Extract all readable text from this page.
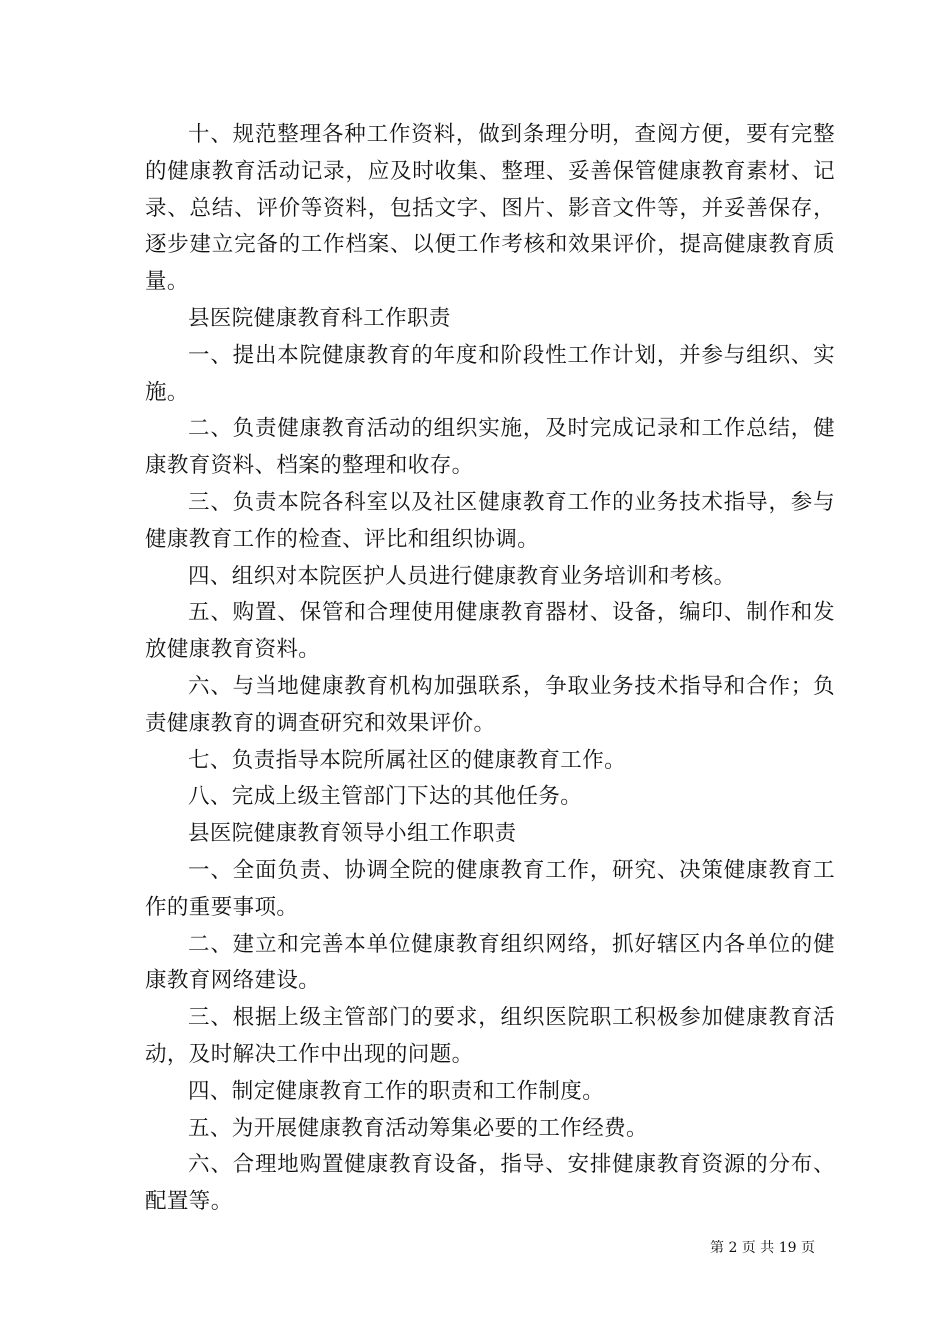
十、规范整理各种工作资料，做到条理分明，查阅方便，要有完整的健康教育活动记录，应及时收集、整理、妥善保管健康教育素材、记录、总结、评价等资料，包括文字、图片、影音文件等，并妥善保存，逐步建立完备的工作档案、以便工作考核和效果评价，提高健康教育质量。

县医院健康教育科工作职责

一、提出本院健康教育的年度和阶段性工作计划，并参与组织、实施。

二、负责健康教育活动的组织实施，及时完成记录和工作总结，健康教育资料、档案的整理和收存。

三、负责本院各科室以及社区健康教育工作的业务技术指导，参与健康教育工作的检查、评比和组织协调。

四、组织对本院医护人员进行健康教育业务培训和考核。

五、购置、保管和合理使用健康教育器材、设备，编印、制作和发放健康教育资料。

六、与当地健康教育机构加强联系，争取业务技术指导和合作；负责健康教育的调查研究和效果评价。

七、负责指导本院所属社区的健康教育工作。

八、完成上级主管部门下达的其他任务。

县医院健康教育领导小组工作职责

一、全面负责、协调全院的健康教育工作，研究、决策健康教育工作的重要事项。

二、建立和完善本单位健康教育组织网络，抓好辖区内各单位的健康教育网络建设。

三、根据上级主管部门的要求，组织医院职工积极参加健康教育活动，及时解决工作中出现的问题。

四、制定健康教育工作的职责和工作制度。

五、为开展健康教育活动筹集必要的工作经费。

六、合理地购置健康教育设备，指导、安排健康教育资源的分布、配置等。

第 2 页 共 19 页
